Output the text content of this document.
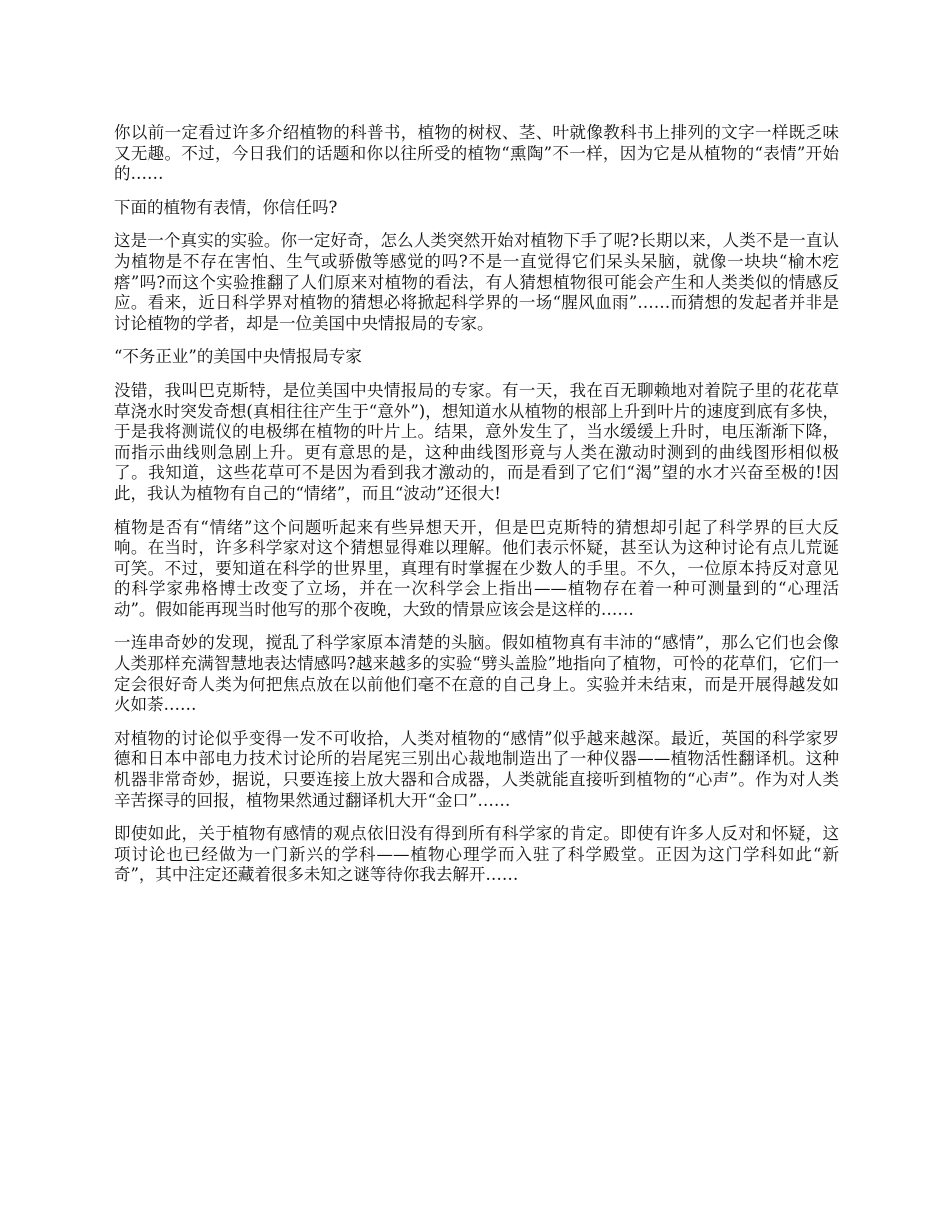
你以前一定看过许多介绍植物的科普书，植物的树杈、茎、叶就像教科书上排列的文字一样既乏味又无趣。不过，今日我们的话题和你以往所受的植物“熏陶”不一样，因为它是从植物的“表情”开始的……

下面的植物有表情，你信任吗?

这是一个真实的实验。你一定好奇，怎么人类突然开始对植物下手了呢?长期以来，人类不是一直认为植物是不存在害怕、生气或骄傲等感觉的吗?不是一直觉得它们呆头呆脑，就像一块块“榆木疙瘩”吗?而这个实验推翻了人们原来对植物的看法，有人猜想植物很可能会产生和人类类似的情感反应。看来，近日科学界对植物的猜想必将掀起科学界的一场“腥风血雨”……而猜想的发起者并非是讨论植物的学者，却是一位美国中央情报局的专家。

“不务正业”的美国中央情报局专家

没错，我叫巴克斯特，是位美国中央情报局的专家。有一天，我在百无聊赖地对着院子里的花花草草浇水时突发奇想(真相往往产生于“意外”)，想知道水从植物的根部上升到叶片的速度到底有多快，于是我将测谎仪的电极绑在植物的叶片上。结果，意外发生了，当水缓缓上升时，电压渐渐下降，而指示曲线则急剧上升。更有意思的是，这种曲线图形竟与人类在激动时测到的曲线图形相似极了。我知道，这些花草可不是因为看到我才激动的，而是看到了它们“渴”望的水才兴奋至极的!因此，我认为植物有自己的“情绪”，而且“波动”还很大!

植物是否有“情绪”这个问题听起来有些异想天开，但是巴克斯特的猜想却引起了科学界的巨大反响。在当时，许多科学家对这个猜想显得难以理解。他们表示怀疑，甚至认为这种讨论有点儿荒诞可笑。不过，要知道在科学的世界里，真理有时掌握在少数人的手里。不久，一位原本持反对意见的科学家弗格博士改变了立场，并在一次科学会上指出——植物存在着一种可测量到的“心理活动”。假如能再现当时他写的那个夜晚，大致的情景应该会是这样的……

一连串奇妙的发现，搅乱了科学家原本清楚的头脑。假如植物真有丰沛的“感情”，那么它们也会像人类那样充满智慧地表达情感吗?越来越多的实验“劈头盖脸”地指向了植物，可怜的花草们，它们一定会很好奇人类为何把焦点放在以前他们毫不在意的自己身上。实验并未结束，而是开展得越发如火如荼……

对植物的讨论似乎变得一发不可收拾，人类对植物的“感情”似乎越来越深。最近，英国的科学家罗德和日本中部电力技术讨论所的岩尾宪三别出心裁地制造出了一种仪器——植物活性翻译机。这种机器非常奇妙，据说，只要连接上放大器和合成器，人类就能直接听到植物的“心声”。作为对人类辛苦探寻的回报，植物果然通过翻译机大开“金口”……

即使如此，关于植物有感情的观点依旧没有得到所有科学家的肯定。即使有许多人反对和怀疑，这项讨论也已经做为一门新兴的学科——植物心理学而入驻了科学殿堂。正因为这门学科如此“新奇”，其中注定还藏着很多未知之谜等待你我去解开……
